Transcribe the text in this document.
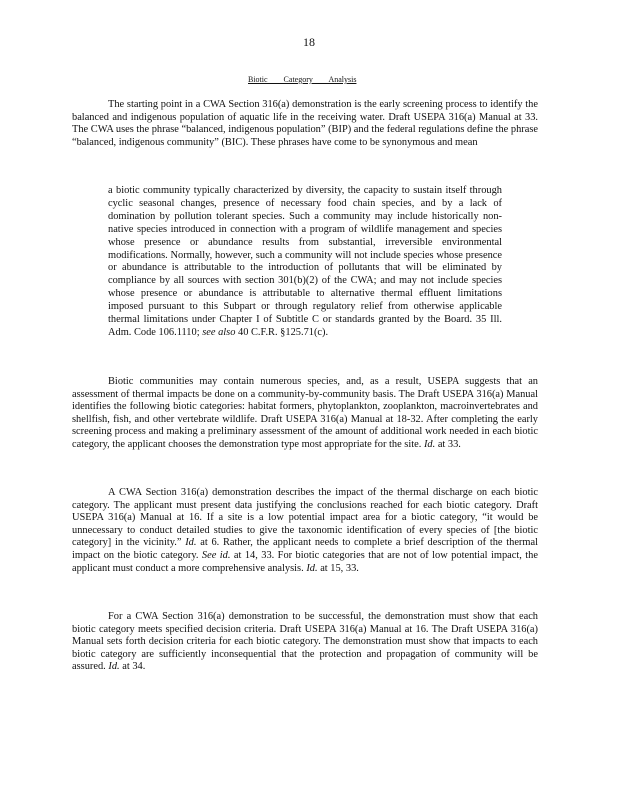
18
Biotic Category Analysis

The starting point in a CWA Section 316(a) demonstration is the early screening process to identify the balanced and indigenous population of aquatic life in the receiving water. Draft USEPA 316(a) Manual at 33. The CWA uses the phrase “balanced, indigenous population” (BIP) and the federal regulations define the phrase “balanced, indigenous community” (BIC). These phrases have come to be synonymous and mean

a biotic community typically characterized by diversity, the capacity to sustain itself through cyclic seasonal changes, presence of necessary food chain species, and by a lack of domination by pollution tolerant species. Such a community may include historically non-native species introduced in connection with a program of wildlife management and species whose presence or abundance results from substantial, irreversible environmental modifications. Normally, however, such a community will not include species whose presence or abundance is attributable to the introduction of pollutants that will be eliminated by compliance by all sources with section 301(b)(2) of the CWA; and may not include species whose presence or abundance is attributable to alternative thermal effluent limitations imposed pursuant to this Subpart or through regulatory relief from otherwise applicable thermal limitations under Chapter I of Subtitle C or standards granted by the Board. 35 Ill. Adm. Code 106.1110; see also 40 C.F.R. §125.71(c).

Biotic communities may contain numerous species, and, as a result, USEPA suggests that an assessment of thermal impacts be done on a community-by-community basis. The Draft USEPA 316(a) Manual identifies the following biotic categories: habitat formers, phytoplankton, zooplankton, macroinvertebrates and shellfish, fish, and other vertebrate wildlife. Draft USEPA 316(a) Manual at 18-32. After completing the early screening process and making a preliminary assessment of the amount of additional work needed in each biotic category, the applicant chooses the demonstration type most appropriate for the site. Id. at 33.

A CWA Section 316(a) demonstration describes the impact of the thermal discharge on each biotic category. The applicant must present data justifying the conclusions reached for each biotic category. Draft USEPA 316(a) Manual at 16. If a site is a low potential impact area for a biotic category, “it would be unnecessary to conduct detailed studies to give the taxonomic identification of every species of [the biotic category] in the vicinity.” Id. at 6. Rather, the applicant needs to complete a brief description of the thermal impact on the biotic category. See id. at 14, 33. For biotic categories that are not of low potential impact, the applicant must conduct a more comprehensive analysis. Id. at 15, 33.

For a CWA Section 316(a) demonstration to be successful, the demonstration must show that each biotic category meets specified decision criteria. Draft USEPA 316(a) Manual at 16. The Draft USEPA 316(a) Manual sets forth decision criteria for each biotic category. The demonstration must show that impacts to each biotic category are sufficiently inconsequential that the protection and propagation of community will be assured. Id. at 34.
